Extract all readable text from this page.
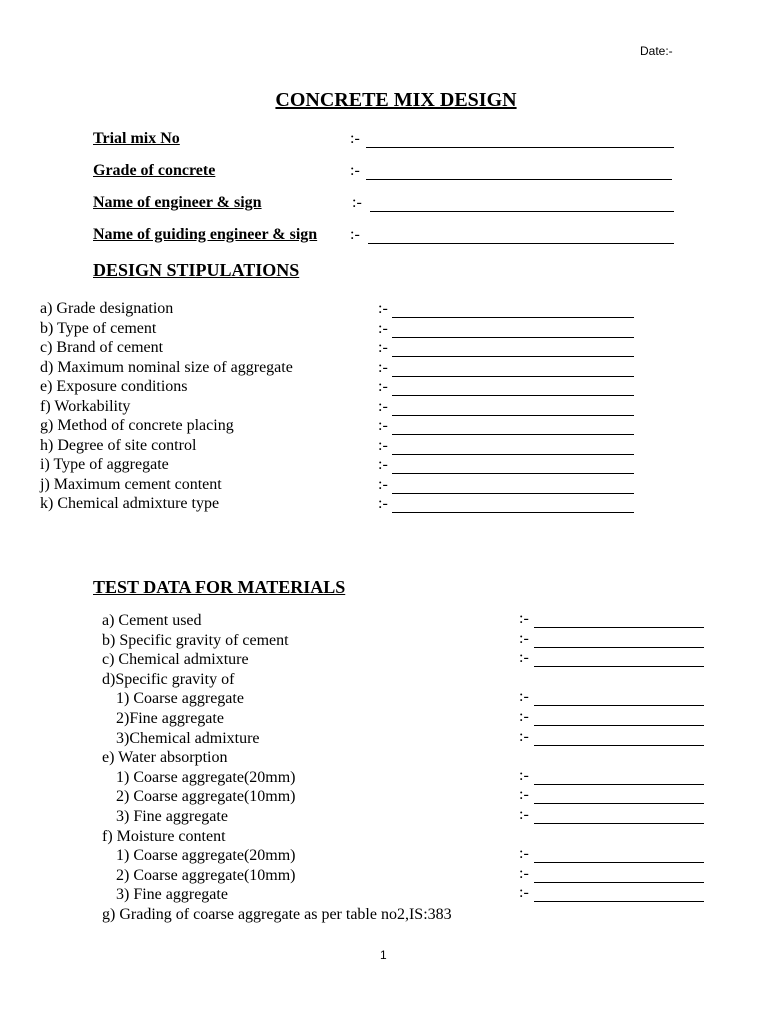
Date:-
CONCRETE MIX DESIGN
Trial mix No	:-
Grade of concrete	:-
Name of engineer & sign	:-
Name of guiding engineer & sign :-
DESIGN STIPULATIONS
a) Grade designation	:-
b) Type of cement	:-
c) Brand of cement	:-
d) Maximum nominal size of aggregate	:-
e) Exposure conditions	:-
f) Workability	:-
g) Method of concrete placing	:-
h) Degree of site control	:-
i) Type of aggregate	:-
j) Maximum cement content	:-
k) Chemical admixture type	:-
TEST DATA FOR MATERIALS
a) Cement used	:-
b) Specific gravity of cement	:-
c) Chemical admixture	:-
d)Specific gravity of
1) Coarse aggregate	:-
2)Fine aggregate	:-
3)Chemical admixture	:-
e) Water absorption
1) Coarse aggregate(20mm)	:-
2) Coarse aggregate(10mm)	:-
3) Fine aggregate	:-
f) Moisture content
1) Coarse aggregate(20mm)	:-
2) Coarse aggregate(10mm)	:-
3) Fine aggregate	:-
g) Grading of coarse aggregate as per table no2,IS:383
1
